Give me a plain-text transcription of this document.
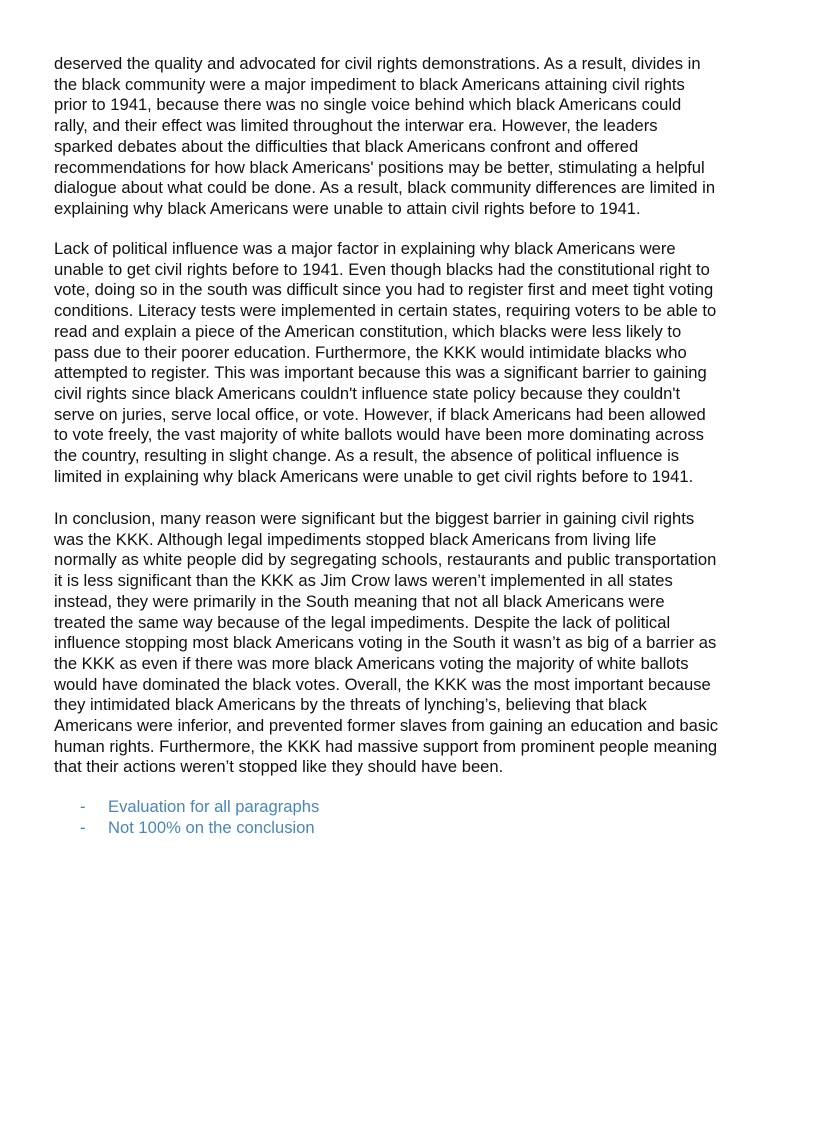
deserved the quality and advocated for civil rights demonstrations. As a result, divides in
the black community were a major impediment to black Americans attaining civil rights
prior to 1941, because there was no single voice behind which black Americans could
rally, and their effect was limited throughout the interwar era. However, the leaders
sparked debates about the difficulties that black Americans confront and offered
recommendations for how black Americans' positions may be better, stimulating a helpful
dialogue about what could be done. As a result, black community differences are limited in
explaining why black Americans were unable to attain civil rights before to 1941.

Lack of political influence was a major factor in explaining why black Americans were
unable to get civil rights before to 1941. Even though blacks had the constitutional right to
vote, doing so in the south was difficult since you had to register first and meet tight voting
conditions. Literacy tests were implemented in certain states, requiring voters to be able to
read and explain a piece of the American constitution, which blacks were less likely to
pass due to their poorer education. Furthermore, the KKK would intimidate blacks who
attempted to register. This was important because this was a significant barrier to gaining
civil rights since black Americans couldn't influence state policy because they couldn't
serve on juries, serve local office, or vote. However, if black Americans had been allowed
to vote freely, the vast majority of white ballots would have been more dominating across
the country, resulting in slight change. As a result, the absence of political influence is
limited in explaining why black Americans were unable to get civil rights before to 1941.

In conclusion, many reason were significant but the biggest barrier in gaining civil rights
was the KKK. Although legal impediments stopped black Americans from living life
normally as white people did by segregating schools, restaurants and public transportation
it is less significant than the KKK as Jim Crow laws weren’t implemented in all states
instead, they were primarily in the South meaning that not all black Americans were
treated the same way because of the legal impediments. Despite the lack of political
influence stopping most black Americans voting in the South it wasn’t as big of a barrier as
the KKK as even if there was more black Americans voting the majority of white ballots
would have dominated the black votes. Overall, the KKK was the most important because
they intimidated black Americans by the threats of lynching’s, believing that black
Americans were inferior, and prevented former slaves from gaining an education and basic
human rights. Furthermore, the KKK had massive support from prominent people meaning
that their actions weren’t stopped like they should have been.

- Evaluation for all paragraphs
- Not 100% on the conclusion
